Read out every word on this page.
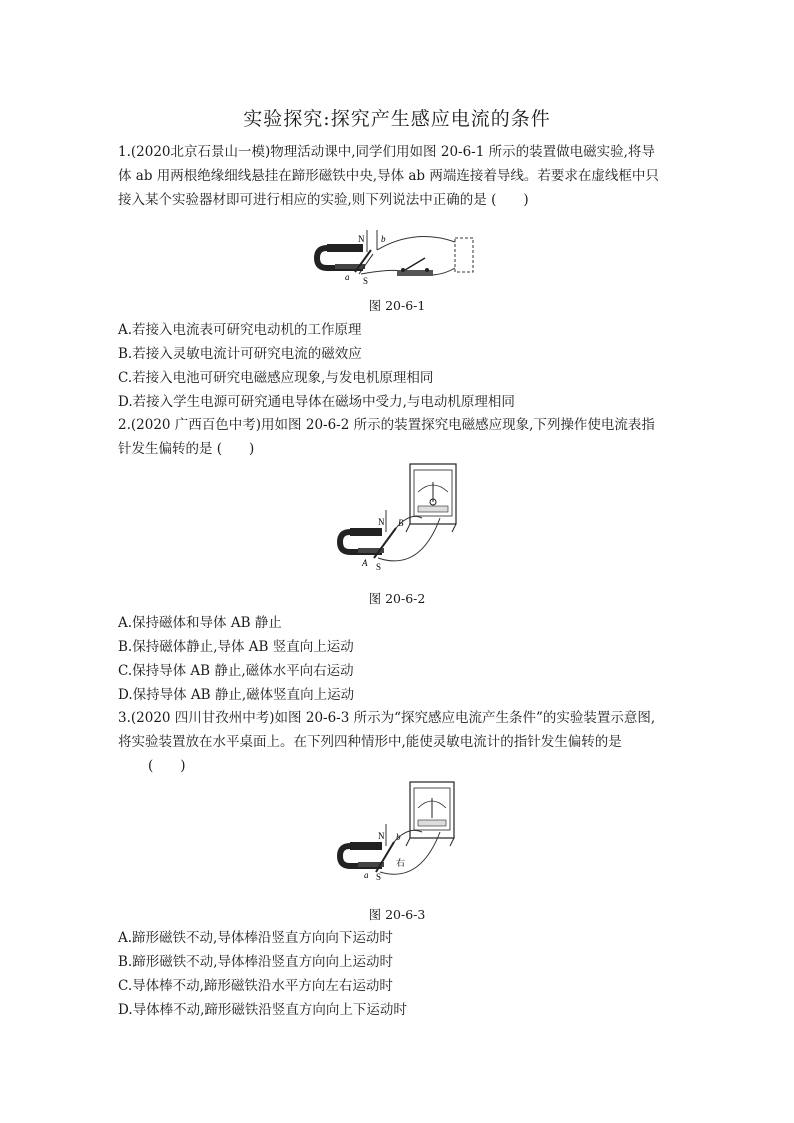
实验探究:探究产生感应电流的条件
1.(2020北京石景山一模)物理活动课中,同学们用如图 20-6-1 所示的装置做电磁实验,将导
体 ab 用两根绝缘细线悬挂在蹄形磁铁中央,导体 ab 两端连接着导线。若要求在虚线框中只
接入某个实验器材即可进行相应的实验,则下列说法中正确的是 (　　)
N b
a S
图 20-6-1
A.若接入电流表可研究电动机的工作原理
B.若接入灵敏电流计可研究电流的磁效应
C.若接入电池可研究电磁感应现象,与发电机原理相同
D.若接入学生电源可研究通电导体在磁场中受力,与电动机原理相同
2.(2020 广西百色中考)用如图 20-6-2 所示的装置探究电磁感应现象,下列操作使电流表指
针发生偏转的是 (　　)
N B
A S
图 20-6-2
A.保持磁体和导体 AB 静止
B.保持磁体静止,导体 AB 竖直向上运动
C.保持导体 AB 静止,磁体水平向右运动
D.保持导体 AB 静止,磁体竖直向上运动
3.(2020 四川甘孜州中考)如图 20-6-3 所示为“探究感应电流产生条件”的实验装置示意图,
将实验装置放在水平桌面上。在下列四种情形中,能使灵敏电流计的指针发生偏转的是
(　　)
N b
a S
右
图 20-6-3
A.蹄形磁铁不动,导体棒沿竖直方向向下运动时
B.蹄形磁铁不动,导体棒沿竖直方向向上运动时
C.导体棒不动,蹄形磁铁沿水平方向左右运动时
D.导体棒不动,蹄形磁铁沿竖直方向向上下运动时
